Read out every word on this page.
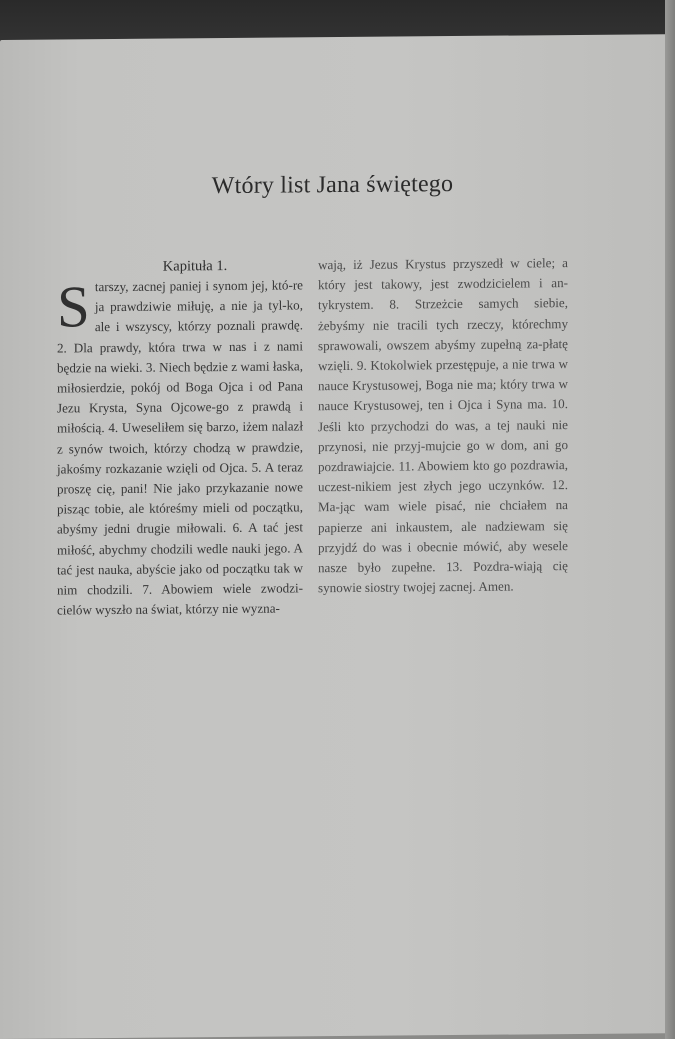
Wtóry list Jana świętego
Kapituła 1.

Starszy, zacnej paniej i synom jej, któ-re ja prawdziwie miłuję, a nie ja tyl-ko, ale i wszyscy, którzy poznali prawdę. 2. Dla prawdy, która trwa w nas i z nami będzie na wieki. 3. Niech będzie z wami łaska, miłosierdzie, pokój od Boga Ojca i od Pana Jezu Krysta, Syna Ojcowe-go z prawdą i miłością. 4. Uweseliłem się barzo, iżem nalazł z synów twoich, którzy chodzą w prawdzie, jakośmy rozkazanie wzięli od Ojca. 5. A teraz proszę cię, pani! Nie jako przykazanie nowe pisząc tobie, ale któreśmy mieli od początku, abyśmy jedni drugie miłowali. 6. A tać jest miłość, abychmy chodzili wedle nauki jego. A tać jest nauka, abyście jako od początku tak w nim chodzili. 7. Abowiem wiele zwodzi-cielów wyszło na świat, którzy nie wyzna-

wają, iż Jezus Krystus przyszedł w ciele; a który jest takowy, jest zwodzicielem i an-tykrystem. 8. Strzeżcie samych siebie, żebyśmy nie tracili tych rzeczy, którechmy sprawowali, owszem abyśmy zupełną za-płatę wzięli. 9. Ktokolwiek przestępuje, a nie trwa w nauce Krystusowej, Boga nie ma; który trwa w nauce Krystusowej, ten i Ojca i Syna ma. 10. Jeśli kto przychodzi do was, a tej nauki nie przynosi, nie przyj-mujcie go w dom, ani go pozdrawiajcie. 11. Abowiem kto go pozdrawia, uczest-nikiem jest złych jego uczynków. 12. Ma-jąc wam wiele pisać, nie chciałem na papierze ani inkaustem, ale nadziewam się przyjdź do was i obecnie mówić, aby wesele nasze było zupełne. 13. Pozdra-wiają cię synowie siostry twojej zacnej. Amen.
